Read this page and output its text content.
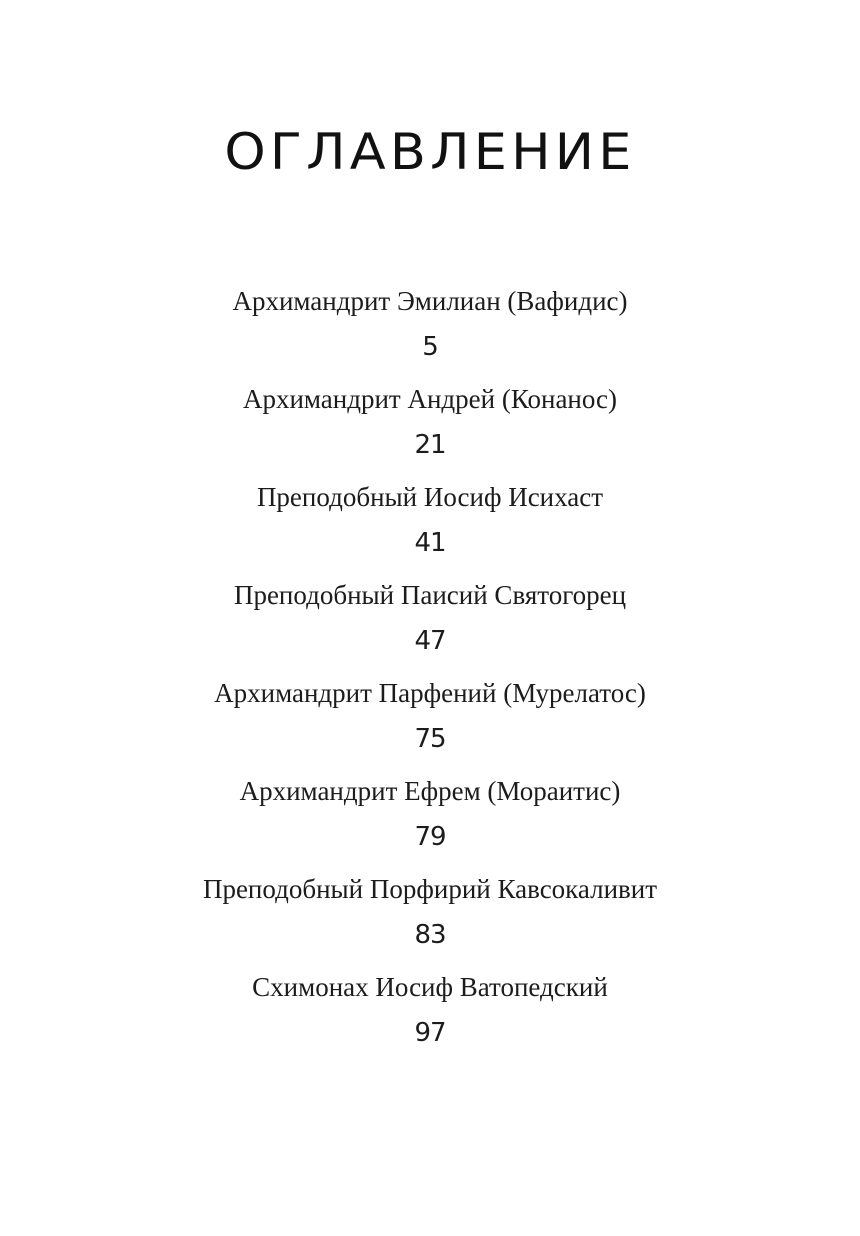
ОГЛАВЛЕНИЕ
Архимандрит Эмилиан (Вафидис)
5
Архимандрит Андрей (Конанос)
21
Преподобный Иосиф Исихаст
41
Преподобный Паисий Святогорец
47
Архимандрит Парфений (Мурелатос)
75
Архимандрит Ефрем (Мораитис)
79
Преподобный Порфирий Кавсокаливит
83
Схимонах Иосиф Ватопедский
97
